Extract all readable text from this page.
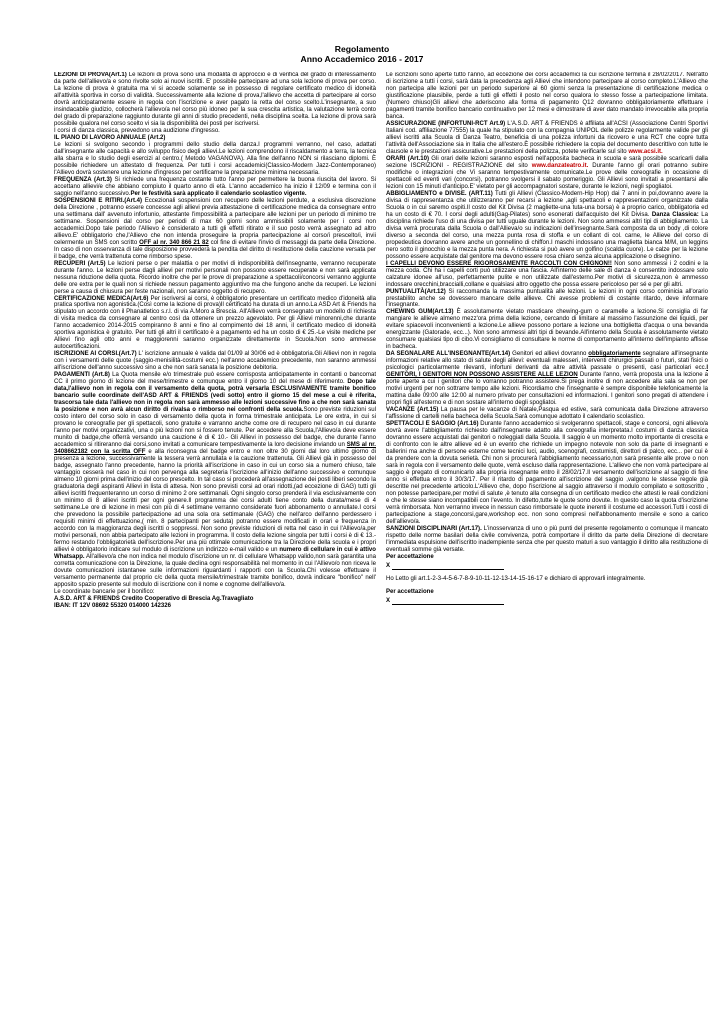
Regolamento
Anno Accademico 2016 - 2017

LEZIONI DI PROVA(Art.1) Le lezioni di prova sono una modalità di approccio e di verifica del grado di interessamento da parte dell'allievo/a e sono rivolte solo ai nuovi iscritti. E' possibile partecipare ad una sola lezione di prova per corso. La lezione di prova è gratuita ma vi si accede solamente se in possesso di regolare certificato medico di idoneità all'attività sportiva in corso di validità. Successivamente alla lezione di prova,l'allievo che accetta di partecipare al corso dovrà anticipatamente essere in regola con l'iscrizione e aver pagato la retta del corso scelto.L'insegnante, a suo insindacabile giudizio, collocherà l'allievo/a nel corso più idoneo per la sua crescita artistica, la valutazione terrà conto del grado di preparazione raggiunto durante gli anni di studio precedenti, nella disciplina scelta. La lezione di prova sarà possibile qualora nel corso scelto vi sia la disponibilità dei posti per iscriversi.

I corsi di danza classica, prevedono una audizione d'ingresso.

IL PIANO DI LAVORO ANNUALE (Art.2)

Le lezioni si svolgono secondo i programmi dello studio della danza.I programmi verranno, nel caso, adattati dall'insegnante alle capacità e allo sviluppo fisico degli allievi.Le lezioni comprendono il riscaldamento a terra, la tecnica alla sbarra e lo studio degli esercizi al centro.( Metodo VAGANOVA). Alla fine dell'anno NON si rilasciano diplomi. È possibile richiedere un attestato di frequenza. Per tutti i corsi accademici(Classico-Modern Jazz-Contemporaneo) l'Allievo dovrà sostenere una lezione d'ingresso per certificarne la preparazione minima necessaria.

FREQUENZA (Art.3) Si richiede una frequenza costante tutto l'anno per permettere la buona riuscita del lavoro. Si accettano allievi/e che abbiano compiuto il quarto anno di età. L'anno accademico ha inizio il 12/09 e termina con il saggio nell'anno successivo.Per le festività sarà applicato il calendario scolastico vigente.

SOSPENSIONI E RITIRI.(Art.4) Eccezionali sospensioni con recupero delle lezioni perdute, a esclusiva discrezione della Direzione , potranno essere concesse agli allievi previa attestazione di certificazione medica da consegnare entro una settimana dall' avvenuto infortunio, attestante l'impossibilità a partecipare alle lezioni per un periodo di minimo tre settimane. Sospensioni dal corso per periodi di max 60 giorni sono ammissibili solamente per i corsi non accademici.Dopo tale periodo l'Allievo è considerato a tutti gli effetti ritirato e il suo posto verrà assegnato ad altro allievo.E' obbligatorio che,l'Allievo che non intenda proseguire la propria partecipazione al corso/i prescelto/i, invii celermente un SMS con scritto OFF al nr. 340 866 21 82 col fine di evitare l'invio di messaggi da parte della Direzione. In caso di non osservanza di tale disposizione provvederà la pendita del diritto di restituzione della cauzione versata per il badge, che verrà trattenuta come rimborso spese.

RECUPERI (Art.5) Le lezioni perse o per malattia o per motivi di indisponibilità dell'insegnante, verranno recuperate durante l'anno. Le lezioni perse dagli allievi per motivi personali non possono essere recuperate e non sarà applicata nessuna riduzione della quota. Ricordo inoltre che per le prove di preparazione a spettacoli/concorsi verranno aggiunte delle ore extra per le quali non si richiede nessun pagamento aggiuntivo ma che fungono anche da recuperi. Le lezioni perse a causa di chiusura per feste nazionali, non saranno oggetto di recupero.

CERTIFICAZIONE MEDICA(Art.6) Per iscriversi ai corsi, è obbligatorio presentare un certificato medico d'idoneità alla pratica sportiva non agonistica.(Così come la lezione di prova)Il certificato ha durata di un anno.La ASD Art & Friends ha stipulato un accordo con il Phanatletico s.r.l. di via A.Moro a Brescia. All'Allievo verrà consegnato un modello di richiesta di visita medica da consegnare al centro così da ottenere un prezzo agevolato. Per gli Allievi minorenni,che durante l'anno accademico 2014-2015 compiranno 8 anni e fino al compimento dei 18 anni, il certificato medico di idoneità sportiva agonistica è gratuito. Per tutti gli altri il certificato è a pagamento ed ha un costo di € 25.-Le visite mediche per Allievi fino agli otto anni e maggiorenni saranno organizzate direttamente in Scuola.Non sono ammesse autocertificazioni.

ISCRIZIONE AI CORSI.(Art.7) L' iscrizione annuale è valida dal 01/09 al 30/06 ed è obbligatoria.Gli Allievi non in regola con i versamenti delle quote (saggio-menisilità-costumi ecc.) nell'anno accademico precedente, non saranno ammessi all'iscrizione dell'anno successivo sino a che non sarà sanata la posizione debitoria.

PAGAMENTI (Art.8) La Quota mensile e/o trimestrale può essere corrisposta anticipatamente in contanti o bancomat CC il primo giorno di lezione del mese/trimestre e comunque entro il giorno 10 del mese di riferimento. Dopo tale data,l'allievo non in regola con il versamento della quota, potrà versarla ESCLUSIVAMENTE tramite bonifico bancario sulle coordinate dell'ASD ART & FRIENDS (vedi sotto) entro il giorno 15 del mese a cui è riferita, trascorsa tale data l'allievo non in regola non sarà ammesso alle lezioni successive fino a che non sarà sanata la posizione e non avrà alcun diritto di rivalsa o rimborso nei confronti della scuola.Sono previste riduzioni sul costo intero del corso solo in caso di versamento della quota in forma trimestrale anticipata. Le ore extra, in cui si provano le coreografie per gli spettacoli, sono gratuite e varranno anche come ore di recupero nel caso in cui durante l'anno per motivi organizzativi, una o più lezioni non si fossero tenute. Per accedere alla Scuola,l'Allievo/a deve essere munito di badge,che offerrà versando una cauzione è di € 10.- Gli Allievi in possesso del badge, che durante l'anno accademico si ritireranno dai corsi,sono invitati a comunicare tempestivamente la loro decisione inviando un SMS al nr. 3408662182 con la scritta OFF e alla riconsegna del badge entro e non oltre 30 giorni dal loro ultimo giorno di presenza a lezione, successivamente la tessera verrà annullata e la cauzione trattenuta. Gli Allievi già in possesso del badge, assegnato l'anno precedente, hanno la priorità all'iscrizione in caso in cui un corso sia a numero chiuso, tale vantaggio cesserà nel caso in cui non pervenga alla segreteria l'iscrizione all'inizio dell'anno successivo e comunque almeno 10 giorni prima dell'inizio del corso prescelto. In tal caso si procederà all'assegnazione dei posti liberi secondo la graduatoria degli aspiranti Allievi in lista di attesa. Non sono previsti corsi ad orari ridotti,(ad eccezione di GAG) tutti gli allievi iscritti frequenteranno un corso di minimo 2 ore settimanali. Ogni singolo corso prenderà il via esclusivamente con un minimo di 8 allievi iscritti per ogni genere.Il programma dei corsi adulti tiene conto della durata/mese di 4 settimane.Le ore di lezione in mesi con più di 4 settimane verranno considerate fuori abbonamento o annullate.I corsi che prevedono la possibile partecipazione ad una sola ora settimanale (GAG) che nell'arco dell'anno perdessero i requisiti minimi di effettuazione,( min. 8 partecipanti per seduta) potranno essere modificati in orari e frequenza in accordo con la maggioranza degli iscritti o soppressi. Non sono previste riduzioni di retta nel caso in cui l'Allievo/a,per motivi personali, non abbia partecipato alle lezioni in programma. Il costo della lezione singola per tutti i corsi è di € 13.-fermo restando l'obbligatorietà dell'iscrizione.Per una più ottimale comunicazione tra la Direzione della scuola e i propri allievi è obbligatorio indicare sul modulo di iscrizione un indirizzo e-mail valido e un numero di cellulare in cui è attivo Whatsapp. All'allievo/a che non indica nel modulo d'iscrizione un nr. di cellulare Whatsapp valido,non sarà garantita una corretta comunicazione con la Direzione, la quale declina ogni responsabilità nel momento in cui l'Allievo/o non riceva le dovute comunicazioni istantanee sulle informazioni riguardanti i rapporti con la Scuola.Chi volesse effettuare il versamento permanente dal proprio c/c della quota mensile/trimestrale tramite bonifico, dovrà indicare "bonifico" nell' apposito spazio presente sul modulo di iscrizione con il nome e cognome dell'allievo/a.

Le coordinate bancarie per il bonifico:

A.S.D. ART & FRIENDS Credito Cooperativo di Brescia Ag.Travagliato

IBAN: IT 12V 08692 55320 014000 142326

Le iscrizioni sono aperte tutto l'anno, ad eccezione dei corsi accademici la cui iscrizione termina il 28/02/2017. Nell'atto di iscrizione a tutti i corsi, sarà data la precedenza agli Allievi che intendono partecipare al corso completo.L'Allievo che non partecipa alle lezioni per un periodo superiore ai 60 giorni senza la presentazione di certificazione medica o giustificazione plausibile, perde a tutti gli effetti il posto nel corso qualora lo stesso fosse a partecipazione limitata.(Numero chiuso)Gli allievi che aderiscono alla forma di pagamento Q12 dovranno obbligatoriamente effettuare i pagamenti tramite bonifico bancario continuativo per 12 mesi e dimostrare di aver dato mandato irrevocabile alla propria banca.

ASSICURAZIONE (INFORTUNI-RCT Art.9) L'A.S.D. ART & FRIENDS è affiliata all'ACSI (Associazione Centri Sportivi Italiani cod. affiliazione 77555) la quale ha stipulato con la compagnia UNIPOL delle polizze regolarmente valide per gli allievi iscritti alla Scuola di Danza Teatro, beneficia di una polizza infortuni da ricovero e una RCT che copre tutta l'attività dell'Associazione sia in Italia che all'estero.È possibile richiedere la copia del documento descrittivo con tutte le clausole e le prestazioni assicurative.Le prestazioni della polizza, potete verificarle sul sito www.acsi.it.

ORARI (Art.10) Gli orari delle lezioni saranno esposti nell'apposita bacheca in scuola e sarà possibile scaricarli dalla sezione ISCRIZIONI - REGISTRAZIONE del sito www.danzateatro.it. Durante l'anno gli orari potranno subire modifiche o integrazioni che Vi saranno tempestivamente comunicate.Le prove delle coreografie in occasione di spettacoli ed eventi vari (concorsi), potranno svolgersi il sabato pomeriggio. Gli Allievi sono invitati a presentarsi alle lezioni con 15 minuti d'anticipo.E' vietato per gli accompagnatori sostare, durante le lezioni, negli spogliatoi.

ABBIGLIAMENTO e DIVISE. (ART.11) Tutti gli Allievi (Classico-Modern-Hip Hop) dai 7 anni in poi,dovranno avere la divisa di rappresentanza che utilizzeranno per recarsi a lezione ,agli spettacoli e rappresentazioni organizzate dalla Scuola o in cui saremo ospiti.Il costo del Kit Divisa (2 magliette-una tuta-una borsa) è a proprio carico, obbligatoria ed ha un costo di € 70. I corsi degli adulti(Gag-Pilates) sono esonerati dall'acquisto del Kit Divisa. Danza Classica: La disciplina richiede l'uso di una divisa per tutti uguale durante le lezioni. Non sono ammessi altri tipi di abbigliamento. La divisa verrà procurata dalla Scuola o dall'Allieva/o su indicazioni dell'insegnante.Sarà composta da un body ,di colore diverso a seconda del corso, una mezza punta rosa di stoffa e un collant di col. carne, le Allieve del corso di propedeutica dovranno avere anche un gonnellino di chiffon.I maschi indossano una maglietta bianca M/M, un leggins nero sotto il ginocchio e la mezza punta nera. A richiesta si può avere un golfino (scalda cuore). Le calze per la lezione possono essere acquistate dal genitore ma devono essere rosa chiaro senza alcuna applicazione o disegnino.

I CAPELLI DEVONO ESSERE RIGOROSAMENTE RACCOLTI CON CHIGNON!! Non sono ammessi i 2 codini e la mezza coda. Chi ha i capelli corti può utilizzare una fascia. All'interno delle sale di danza è consentito indossare solo calzature idonee all'uso, perfettamente pulite e non utilizzate dall'esterno.Per motivi di sicurezza,non è ammesso indossare orecchini,braccialli,collane e qualsiasi altro oggetto che possa essere pericoloso per sé e per gli altri.

PUNTUALITÀ(Art.12) Si raccomanda la massima puntualità alle lezioni. Le lezioni in ogni corso cominicia all'orario prestabilito anche se dovessero mancare delle allieve. Chi avesse problemi di costante ritardo, deve informare l'insegnante.

CHEWING GUM(Art.13) È assolutamente vietato masticare chewing-gum o caramelle a lezione.Si consiglia di far mangiare le allieve almeno mezz'ora prima della lezione, cercando di limitare al massimo l'assunzione dei liquidi, per evitare spiacevoli inconvenienti a lezione.Le allieve possono portare a lezione una bottiglietta d'acqua o una bevanda energizzante (Gatorade, ecc...). Non sono ammessi altri tipi di bevande.All'interno della Scuola è assolutamente vietato consumare qualsiasi tipo di cibo.Vi consigliamo di consultare le norme di comportamento all'interno dell'impianto affisse in bacheca.

DA SEGNALARE ALL'INSEGNANTE(Art.14) Genitori ed allievi dovranno obbligatoriamente segnalare all'insegnante informazioni relative allo stato di salute degli allievi: eventuali malesseri, interventi chirurgici passati o futuri, stati fisici o psicologici particolarmente rilevanti, infortuni derivanti da altre attività passate o presenti, casi particolari ecc.I GENITORI, I GENITORI NON POSSONO ASSISTERE ALLE LEZION Durante l'anno, verrà proposta una la lezione a porte aperte a cui i genitori che lo vorranno potranno assistere.Si prega inoltre di non accedere alla sala se non per motivi urgenti per non sottrarre tempo alle lezioni. Ricordiamo che l'insegnante è sempre disponibile telefonicamente la mattina dalle 09:00 alle 12:00 al numero privato per consultazioni ed informazioni. I genitori sono pregati di attendere i propri figli all'esterno e di non sostare all'interno degli spogliatoi.

VACANZE (Art.15) La pausa per le vacanze di Natale,Pasqua ed estive, sarà comunicata dalla Direzione attraverso l'affissione di cartelli nella bacheca della Scuola.Sarà comunque adottato il calendario scolastico.

SPETTACOLI E SAGGIO (Art.16) Durante l'anno accademico si svolgeranno spettacoli, stage e concorsi, ogni allievo/a dovrà avere l'abbigliamento richiesto dall'insegnante adatto alla coreografia interpretata.I costumi di danza classica dovranno essere acquistati dai genitori o noleggiati dalla Scuola. Il saggio è un momento molto importante di crescita e di confronto con le altre allieve ed è un evento che richiede un impegno notevole non solo da parte di insegnanti e ballerini ma anche di persone esterne come tecnici luci, audio, scenografi, costumisti, direttori di palco, ecc... per cui è da prendere con la dovuta serietà. Chi non si procurerà l'abbigliamento necessario,non sarà presente alle prove o non sarà in regola con il versamento delle quote, verrà escluso dalla rappresentazione. L'allievo che non vorrà partecipare al saggio è pregato di comunicarlo alla propria insegnante entro il 28/02/17.Il versamento dell'iscrizione al saggio di fine anno si effettua entro il 30/3/17. Per il ritardo di pagamento all'iscrizione del saggio ,valgono le stesse regole già descritte nel precedente articolo.L'Allievo che, dopo l'iscrizione al saggio attraverso il modulo compilato e sottoscritto , non potesse partecipare,per motivi di salute ,è tenuto alla consegna di un certificato medico che attesti le reali condizioni e che le stesse siano incompatibili con l'evento. In difetto,tutte le quote sono dovute. In questo caso la quota d'iscrizione verrà rimborsata. Non verranno invece in nessun caso rimborsate le quote inerenti il costume ed accessori.Tutti i costi di partecipazione a stage,concorsi,gare,workshop ecc. non sono compresi nell'abbonamento mensile e sono a carico dell'allievo/a.

SANZIONI DISCIPLINARI (Art.17). L'inosservanza di uno o più punti del presente regolamento o comunque il mancato rispetto delle norme basilari della civile convivenza, potrà comportare il diritto da parte della Direzione di decretare l'immediata espulsione dell'iscritto inadempiente senza che per questo maturi a suo vantaggio il diritto alla restituzione di eventuali somme già versate.

Per accettazione

X

Ho Letto gli art.1-2-3-4-5-6-7-8-9-10-11-12-13-14-15-16-17 e dichiaro di approvarli integralmente.

Per accettazione

X
